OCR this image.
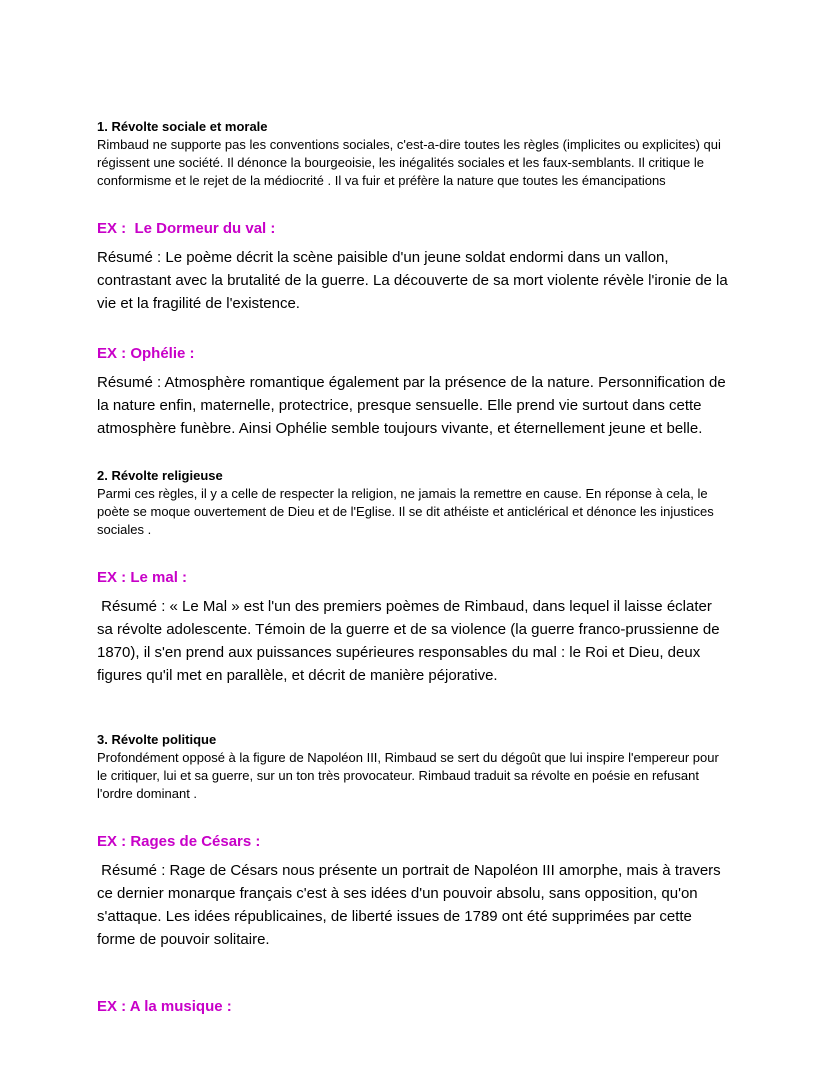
1. Révolte sociale et morale

Rimbaud ne supporte pas les conventions sociales, c'est-a-dire toutes les règles (implicites ou explicites) qui régissent une société. Il dénonce la bourgeoisie, les inégalités sociales et les faux-semblants. Il critique le conformisme et le rejet de la médiocrité . Il va fuir et préfère la nature que toutes les émancipations

EX :  Le Dormeur du val :

Résumé : Le poème décrit la scène paisible d'un jeune soldat endormi dans un vallon, contrastant avec la brutalité de la guerre. La découverte de sa mort violente révèle l'ironie de la vie et la fragilité de l'existence.

EX : Ophélie :

Résumé : Atmosphère romantique également par la présence de la nature. Personnification de la nature enfin, maternelle, protectrice, presque sensuelle. Elle prend vie surtout dans cette atmosphère funèbre. Ainsi Ophélie semble toujours vivante, et éternellement jeune et belle.

2. Révolte religieuse

Parmi ces règles, il y a celle de respecter la religion, ne jamais la remettre en cause. En réponse à cela, le poète se moque ouvertement de Dieu et de l'Eglise. Il se dit athéiste et anticlérical et dénonce les injustices sociales .

EX : Le mal :

Résumé : « Le Mal » est l'un des premiers poèmes de Rimbaud, dans lequel il laisse éclater sa révolte adolescente. Témoin de la guerre et de sa violence (la guerre franco-prussienne de 1870), il s'en prend aux puissances supérieures responsables du mal : le Roi et Dieu, deux figures qu'il met en parallèle, et décrit de manière péjorative.

3. Révolte politique

Profondément opposé à la figure de Napoléon III, Rimbaud se sert du dégoût que lui inspire l'empereur pour le critiquer, lui et sa guerre, sur un ton très provocateur. Rimbaud traduit sa révolte en poésie en refusant l'ordre dominant .

EX : Rages de Césars :

Résumé : Rage de Césars nous présente un portrait de Napoléon III amorphe, mais à travers ce dernier monarque français c'est à ses idées d'un pouvoir absolu, sans opposition, qu'on s'attaque. Les idées républicaines, de liberté issues de 1789 ont été supprimées par cette forme de pouvoir solitaire.

EX : A la musique :
